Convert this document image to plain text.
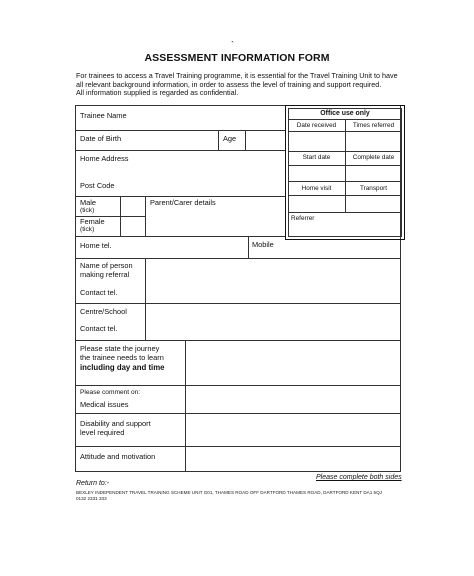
`
ASSESSMENT INFORMATION FORM
For trainees to access a Travel Training programme, it is essential for the Travel Training Unit to have
all relevant background information, in order to assess the level of training and support required.
All information supplied is regarded as confidential.
Trainee Name
Date of Birth	Age
Home Address
Post Code
Male
(tick)
Female
(tick)
Parent/Carer details
Home tel.	Mobile
Name of person
making referral
Contact tel.
Centre/School
Contact tel.
Please state the journey
the trainee needs to learn
including day and time
Please comment on:
Medical issues
Disability and support
level required
Attitude and motivation
Office use only
Date received	Times referred
Start date	Complete date
Home visit	Transport
Referrer
Please complete both sides
Return to:-
BEXLEY INDEPENDENT TRAVEL TRAINING SCHEME UNIT G01, THAMES ROAD OFF DARTFORD THAMES ROAD, DARTFORD KENT DA1 5QJ
0132 2331 333
